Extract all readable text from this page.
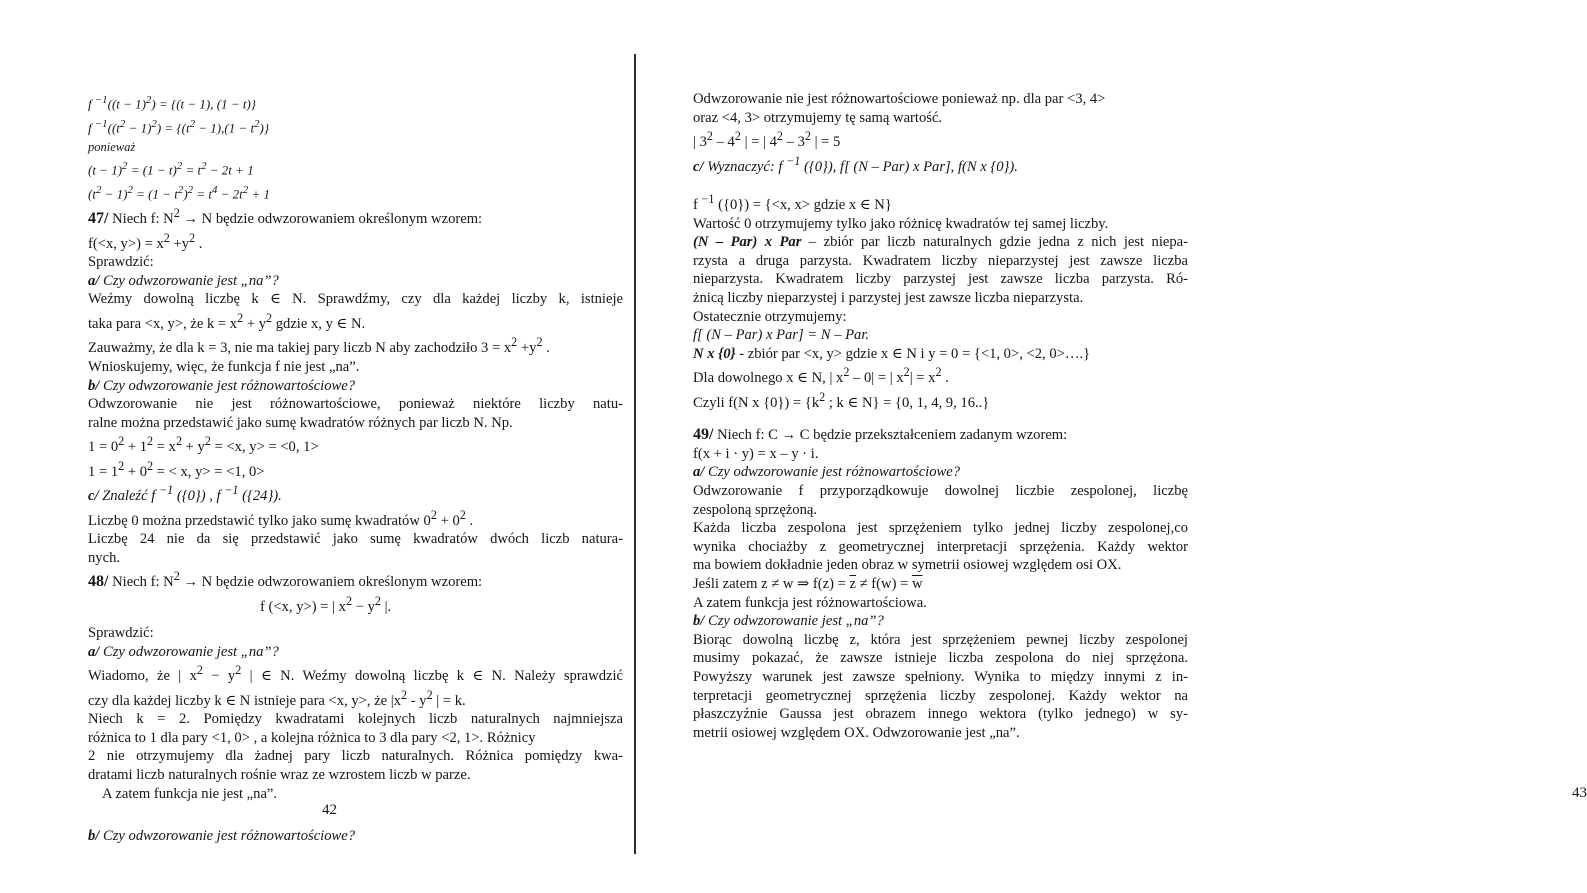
f $^{-1}((t - 1)^2) = \{(t - 1)$, (1 − t)}
f $^{-1}((t^2 - 1)^2) = \{(t^2 - 1),(1 - t^2)\}$
ponieważ
$(t - 1)^2 = (1 - t)^2 = t^2 - 2t + 1$
$(t^2 - 1)^2 = (1 - t^2)^2 = t^4 - 2t^2 + 1$
47/ Niech f: $N^2 \to N$ będzie odwzorowaniem określonym wzorem:
f(<x, $y>) = x^2 +y^2$ .
Sprawdzić:
a/ Czy odwzorowanie jest „na”?
Weźmy dowolną liczbę k ∈ N. Sprawdźmy, czy dla każdej liczby k, istnieje
taka para <x, y>, że $k = x^2 + y^2$ gdzie x, y ∈ N.
Zauważmy, że dla k = 3, nie ma takiej pary liczb N aby zachodziło $3 = x^2 +y^2$ .
Wnioskujemy, więc, że funkcja f nie jest „na”.
b/ Czy odwzorowanie jest różnowartościowe?
Odwzorowanie nie jest różnowartościowe, ponieważ niektóre liczby natu-
ralne można przedstawić jako sumę kwadratów różnych par liczb N. Np.
$1 = 0^2 + 1^2 = x^2 + y^2 = <x$, y> = <0, 1>
$1 = 1^2 + 0^2$ = < x, y> = <1, 0>
c/ Znaleźć f $^{-1}$ ({0}) , f $^{-1}$ ({24}).
Liczbę 0 można przedstawić tylko jako sumę kwadratów $0^2 + 0^2$ .
Liczbę 24 nie da się przedstawić jako sumę kwadratów dwóch liczb natura-
nych.
48/ Niech f: $N^2 \to N$ będzie odwzorowaniem określonym wzorem:
f (<x, y>) = | $x^2 - y^2$ |.
Sprawdzić:
a/ Czy odwzorowanie jest „na”?
Wiadomo, że | $x^2 - y^2$ | ∈ N. Weźmy dowolną liczbę k ∈ N. Należy sprawdzić
czy dla każdej liczby k ∈ N istnieje para <x, y>, że $|x^2 - y^2$ | = k.
Niech k = 2. Pomiędzy kwadratami kolejnych liczb naturalnych najmniejsza
różnica to 1 dla pary <1, 0> , a kolejna różnica to 3 dla pary <2, 1>. Różnicy
2 nie otrzymujemy dla żadnej pary liczb naturalnych. Różnica pomiędzy kwa-
dratami liczb naturalnych rośnie wraz ze wzrostem liczb w parze.
A zatem funkcja nie jest „na”.
b/ Czy odwzorowanie jest różnowartościowe?
42
Odwzorowanie nie jest różnowartościowe ponieważ np. dla par <3, 4>
oraz <4, 3> otrzymujemy tę samą wartość.
| $3^2 - 4^2$ | = | $4^2 - 3^2$ | = 5
c/ Wyznaczyć: f $^{-1}$ ({0}), f[ (N – Par) x Par], f(N x {0}).
f $^{-1}$ ({0}) = {<x, x> gdzie x ∈ N}
Wartość 0 otrzymujemy tylko jako różnicę kwadratów tej samej liczby.
(N – Par) x Par – zbiór par liczb naturalnych gdzie jedna z nich jest niepa-
rzysta a druga parzysta. Kwadratem liczby nieparzystej jest zawsze liczba
nieparzysta. Kwadratem liczby parzystej jest zawsze liczba parzysta. Ró-
żnicą liczby nieparzystej i parzystej jest zawsze liczba nieparzysta.
Ostatecznie otrzymujemy:
f[ (N – Par) x Par] = N – Par.
N x {0} - zbiór par <x, y> gdzie x ∈ N i y = 0 = {<1, 0>, <2, 0>….}
Dla dowolnego x ∈ N, | $x^2 - 0|$ = | $x^2| = x^2$ .
Czyli f(N x $\{0\}) = \{k^2$ ; k ∈ N} = {0, 1, 4, 9, 16..}
49/ Niech f: C → C będzie przekształceniem zadanym wzorem:
f(x + i · y) = x – y · i.
a/ Czy odwzorowanie jest różnowartościowe?
Odwzorowanie f przyporządkowuje dowolnej liczbie zespolonej, liczbę
zespoloną sprzężoną.
Każda liczba zespolona jest sprzężeniem tylko jednej liczby zespolonej,co
wynika chociażby z geometrycznej interpretacji sprzężenia. Każdy wektor
ma bowiem dokładnie jeden obraz w symetrii osiowej względem osi OX.
Jeśli zatem z ≠ w ⇒ $f(z) = \overline{z} \ne f(w) = \overline{w}$
A zatem funkcja jest różnowartościowa.
b/ Czy odwzorowanie jest „na”?
Biorąc dowolną liczbę z, która jest sprzężeniem pewnej liczby zespolonej
musimy pokazać, że zawsze istnieje liczba zespolona do niej sprzężona.
Powyższy warunek jest zawsze spełniony. Wynika to między innymi z in-
terpretacji geometrycznej sprzężenia liczby zespolonej. Każdy wektor na
płaszczyźnie Gaussa jest obrazem innego wektora (tylko jednego) w sy-
metrii osiowej względem OX. Odwzorowanie jest „na”.
43
